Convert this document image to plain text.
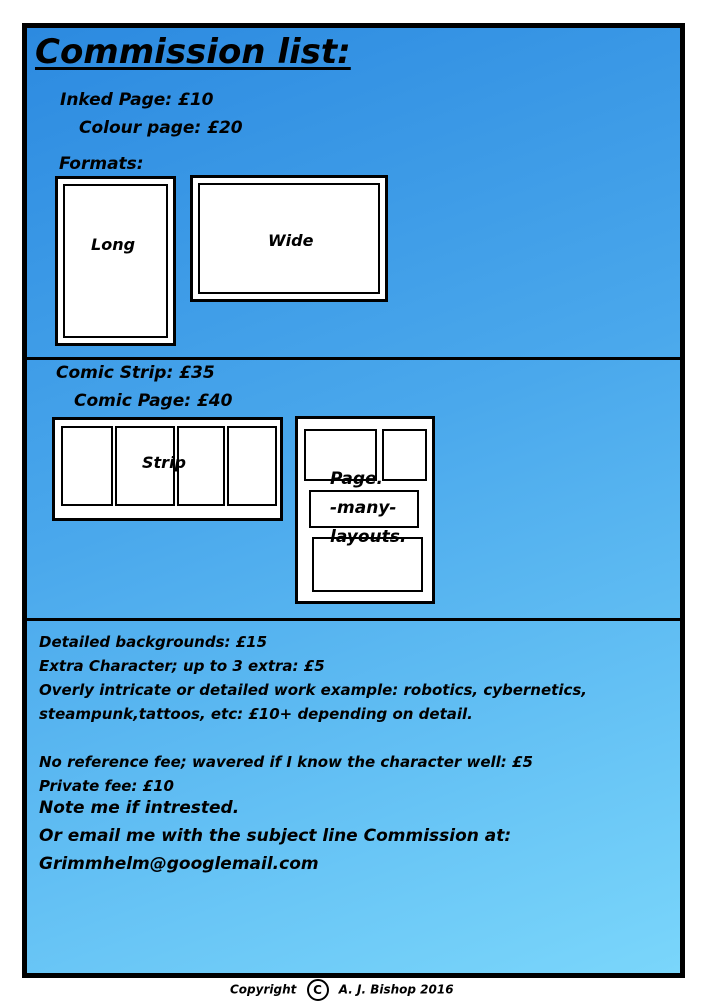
Commission list:

Inked Page: £10

Colour page: £20

Formats:

Long	Wide

Comic Strip: £35

Comic Page: £40

Strip
Page.
-many-
layouts.
Detailed backgrounds: £15
Extra Character; up to 3 extra: £5
Overly intricate or detailed work example: robotics, cybernetics,
steampunk,tattoos, etc: £10+ depending on detail.
No reference fee; wavered if I know the character well: £5
Private fee: £10
Note me if intrested.
Or email me with the subject line Commission at:
Grimmhelm@googlemail.com
Copyright C A. J. Bishop 2016
